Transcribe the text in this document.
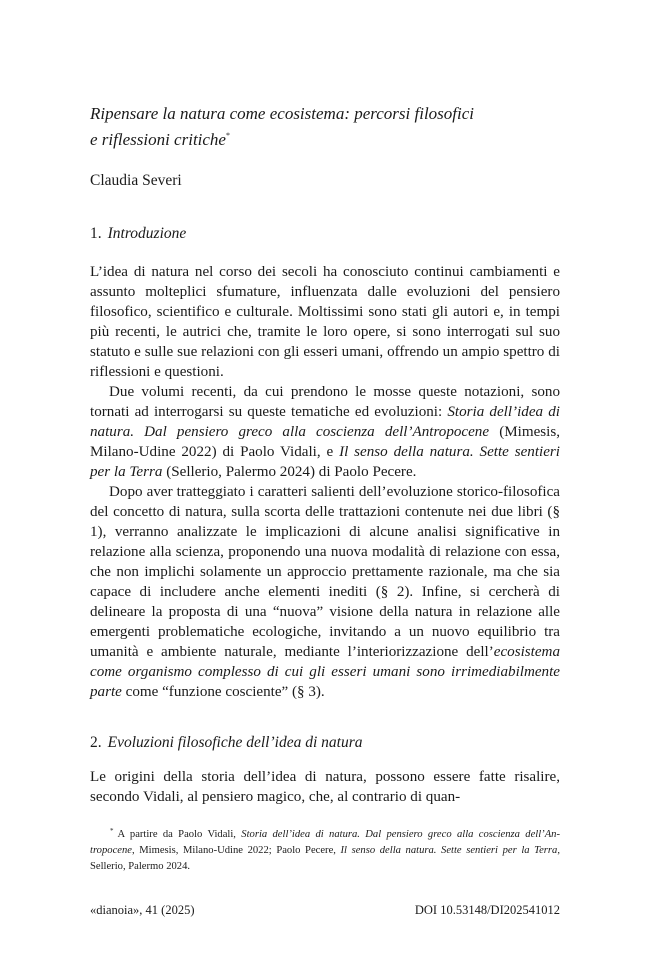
Ripensare la natura come ecosistema: percorsi filosofici
e riflessioni critiche*

Claudia Severi

1. Introduzione

L’idea di natura nel corso dei secoli ha conosciuto continui cambiamenti e assunto molteplici sfumature, influenzata dalle evoluzioni del pensiero filosofico, scientifico e culturale. Moltissimi sono stati gli autori e, in tempi più recenti, le autrici che, tramite le loro opere, si sono interrogati sul suo statuto e sulle sue relazioni con gli esseri umani, offrendo un ampio spettro di riflessioni e questioni.

Due volumi recenti, da cui prendono le mosse queste notazioni, sono tornati ad interrogarsi su queste tematiche ed evoluzioni: Storia dell’idea di natura. Dal pensiero greco alla coscienza dell’Antropocene (Mimesis, Milano-Udine 2022) di Paolo Vidali, e Il senso della natura. Sette sentieri per la Terra (Sellerio, Palermo 2024) di Paolo Pecere.

Dopo aver tratteggiato i caratteri salienti dell’evoluzione storico-filosofica del concetto di natura, sulla scorta delle trattazioni contenute nei due libri (§ 1), verranno analizzate le implicazioni di alcune analisi significative in relazione alla scienza, proponendo una nuova modalità di relazione con essa, che non implichi solamente un approccio prettamente razionale, ma che sia capace di includere anche elementi inediti (§ 2). Infine, si cercherà di delineare la proposta di una “nuova” visione della natura in relazione alle emergenti problematiche ecologiche, invitando a un nuovo equilibrio tra umanità e ambiente naturale, mediante l’interiorizzazione dell’ecosistema come organismo complesso di cui gli esseri umani sono irrimediabilmente parte come “funzione cosciente” (§ 3).

2. Evoluzioni filosofiche dell’idea di natura

Le origini della storia dell’idea di natura, possono essere fatte risalire, secondo Vidali, al pensiero magico, che, al contrario di quan-

* A partire da Paolo Vidali, Storia dell’idea di natura. Dal pensiero greco alla coscienza dell’Antropocene, Mimesis, Milano-Udine 2022; Paolo Pecere, Il senso della natura. Sette sentieri per la Terra, Sellerio, Palermo 2024.

«dianoia», 41 (2025)	DOI 10.53148/DI202541012
